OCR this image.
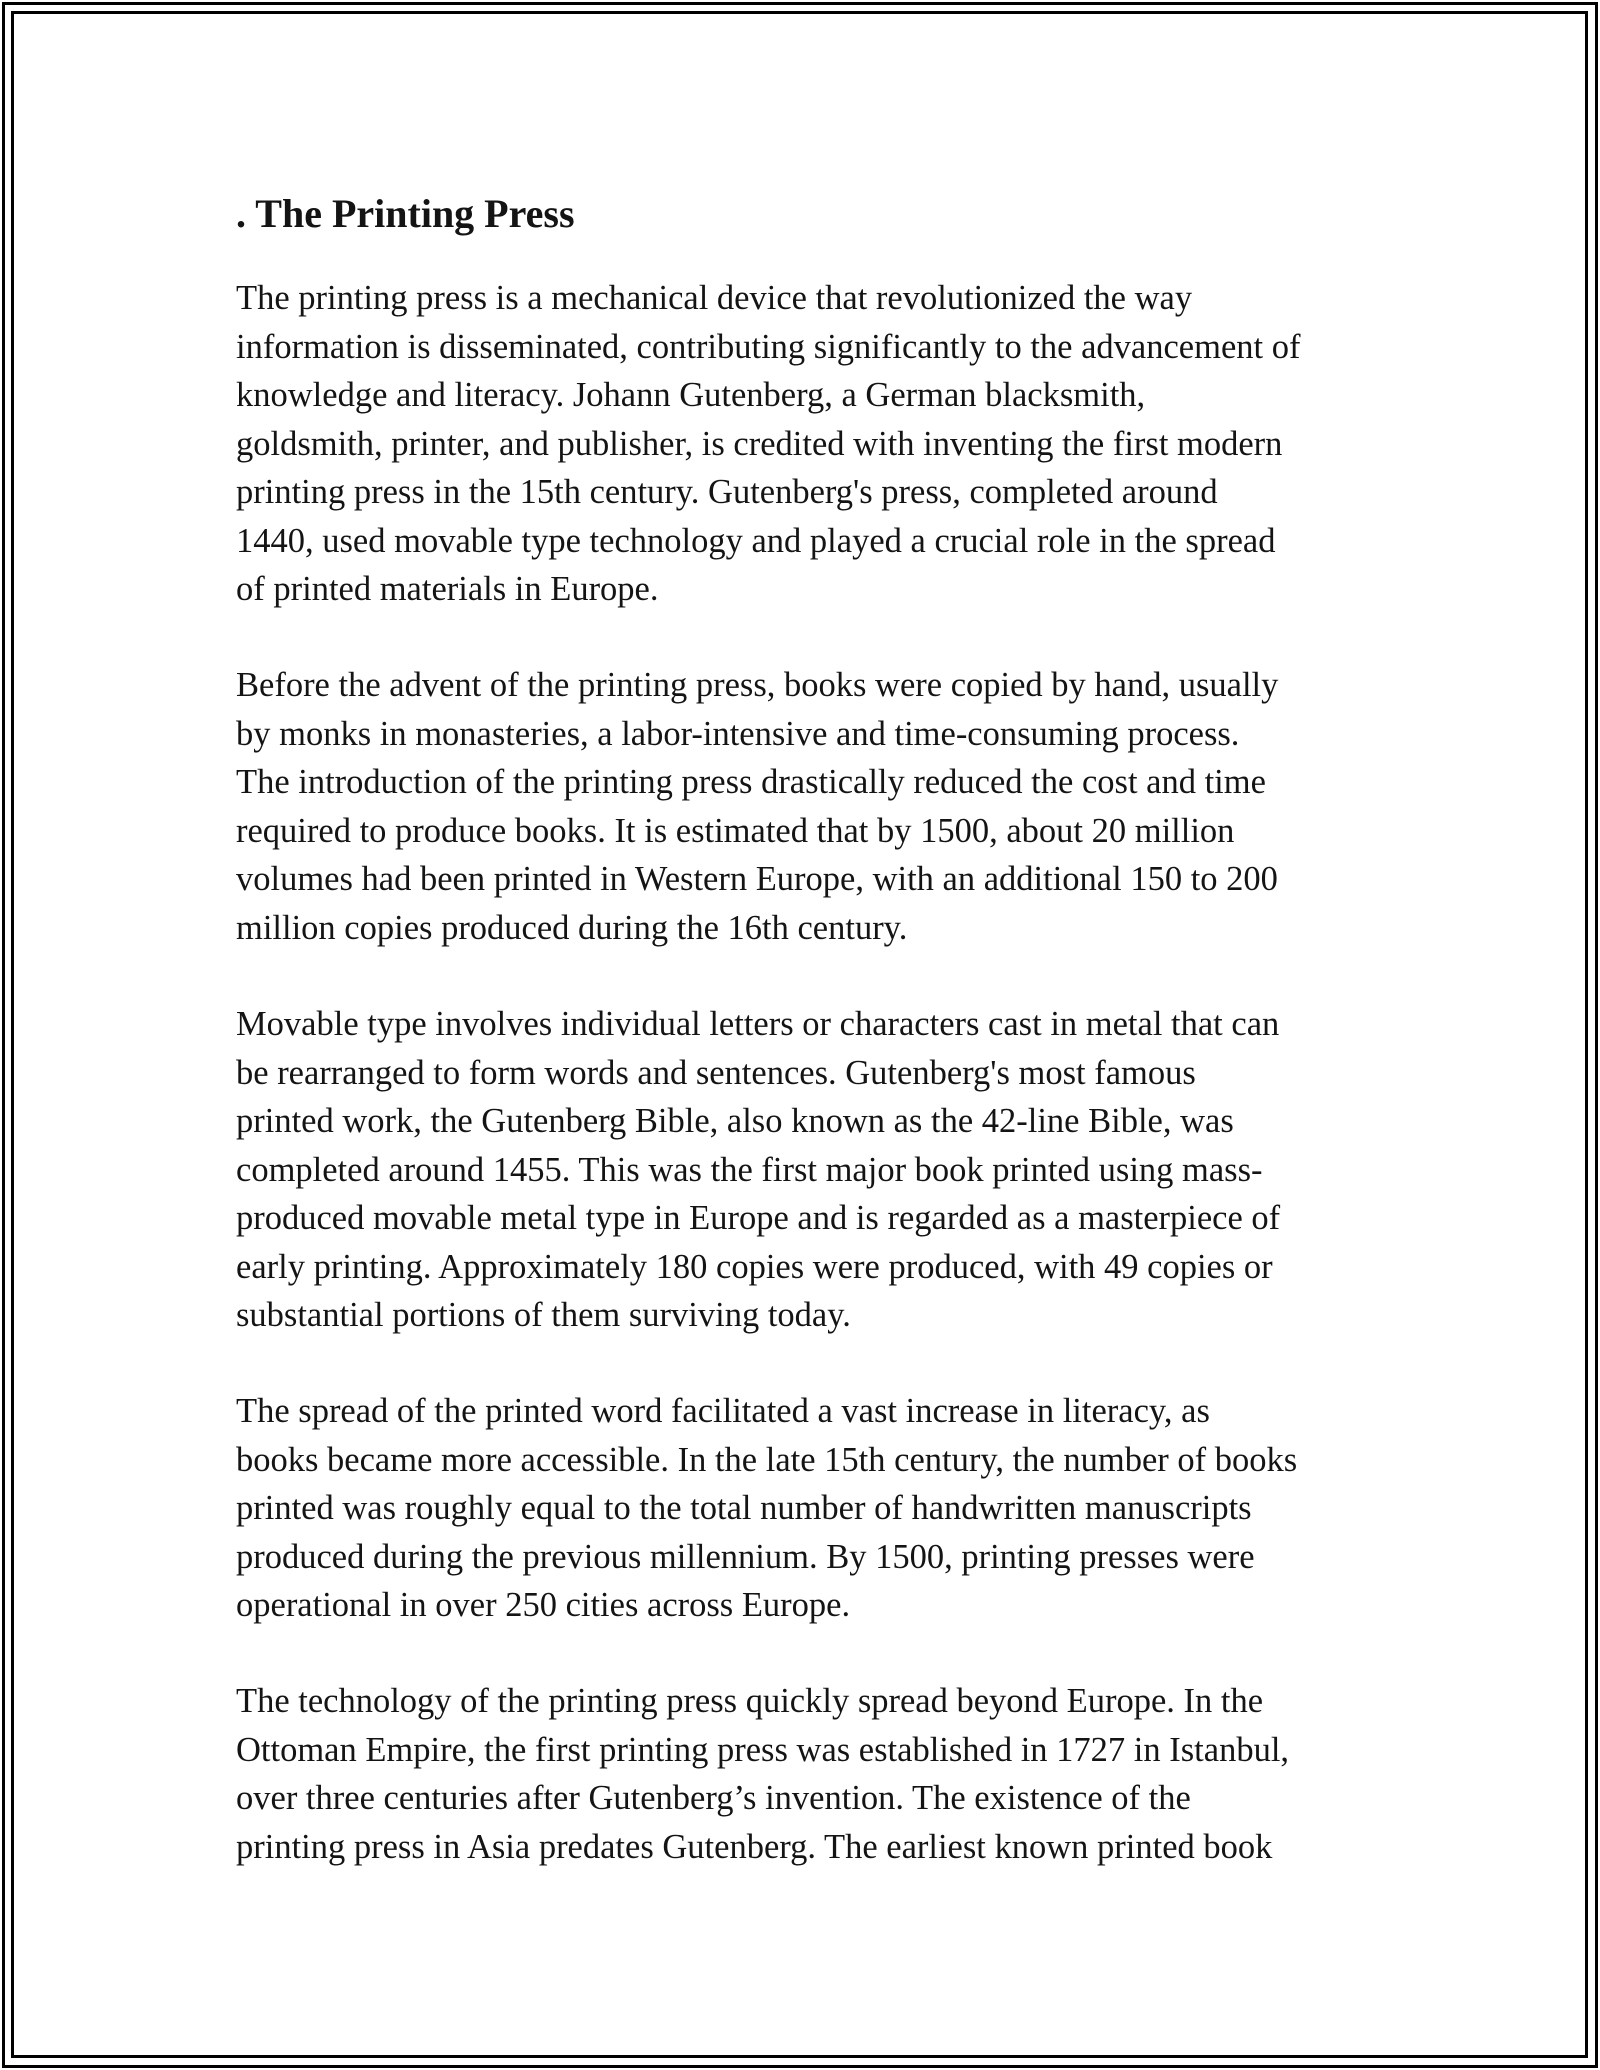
. The Printing Press
The printing press is a mechanical device that revolutionized the way
information is disseminated, contributing significantly to the advancement of
knowledge and literacy. Johann Gutenberg, a German blacksmith,
goldsmith, printer, and publisher, is credited with inventing the first modern
printing press in the 15th century. Gutenberg's press, completed around
1440, used movable type technology and played a crucial role in the spread
of printed materials in Europe.
Before the advent of the printing press, books were copied by hand, usually
by monks in monasteries, a labor-intensive and time-consuming process.
The introduction of the printing press drastically reduced the cost and time
required to produce books. It is estimated that by 1500, about 20 million
volumes had been printed in Western Europe, with an additional 150 to 200
million copies produced during the 16th century.
Movable type involves individual letters or characters cast in metal that can
be rearranged to form words and sentences. Gutenberg's most famous
printed work, the Gutenberg Bible, also known as the 42-line Bible, was
completed around 1455. This was the first major book printed using mass-
produced movable metal type in Europe and is regarded as a masterpiece of
early printing. Approximately 180 copies were produced, with 49 copies or
substantial portions of them surviving today.
The spread of the printed word facilitated a vast increase in literacy, as
books became more accessible. In the late 15th century, the number of books
printed was roughly equal to the total number of handwritten manuscripts
produced during the previous millennium. By 1500, printing presses were
operational in over 250 cities across Europe.
The technology of the printing press quickly spread beyond Europe. In the
Ottoman Empire, the first printing press was established in 1727 in Istanbul,
over three centuries after Gutenberg’s invention. The existence of the
printing press in Asia predates Gutenberg. The earliest known printed book
